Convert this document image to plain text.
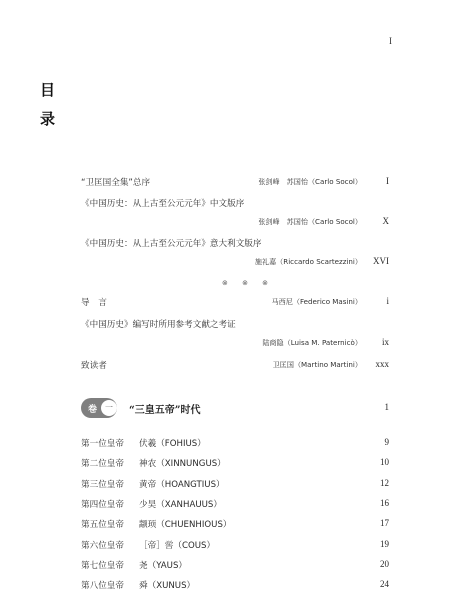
I
目
录
“卫匡国全集”总序	张剑峰　苏国怡（Carlo Socol）	I
《中国历史：从上古至公元元年》中文版序
张剑峰　苏国怡（Carlo Socol）	X
《中国历史：从上古至公元元年》意大利文版序
施礼嘉（Riccardo Scartezzini）	XVI
⊗ ⊗ ⊗
导　言	马西尼（Federico Masini）	i
《中国历史》编写时所用参考文献之考证
陆商隐（Luisa M. Paternicò）	ix
致读者	卫匡国（Martino Martini）	xxx
卷 一	“三皇五帝”时代	1
第一位皇帝 伏羲（FOHIUS）	9
第二位皇帝 神农（XINNUNGUS）	10
第三位皇帝 黄帝（HOANGTIUS）	12
第四位皇帝 少昊（XANHAUUS）	16
第五位皇帝 颛顼（CHUENHIOUS）	17
第六位皇帝 ［帝］喾（COUS）	19
第七位皇帝 尧（YAUS）	20
第八位皇帝 舜（XUNUS）	24
